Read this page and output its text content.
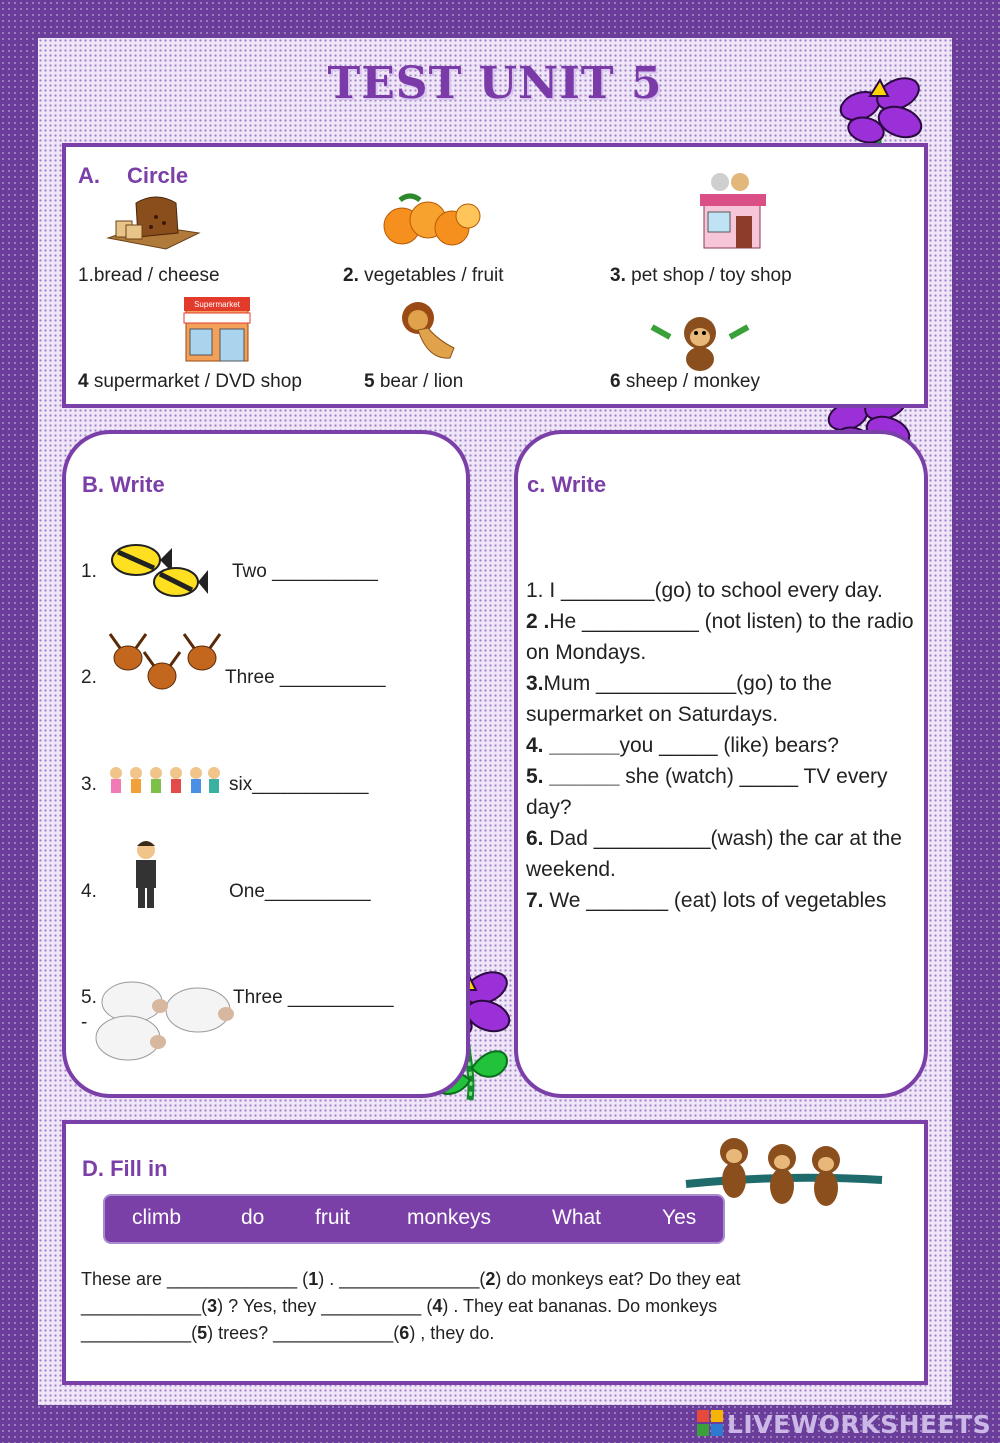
TEST UNIT 5
A. Circle
Supermarket
1.bread / cheese	2. vegetables / fruit	3. pet shop / toy shop
4 supermarket / DVD shop	5 bear / lion	6 sheep / monkey
B. Write
1.	Two __________
2.	Three __________
3.	six___________
4.	One__________
5.	Three __________
-
c. Write

1. I ________(go) to school every day.

2 .He __________ (not listen) to the radio on Mondays.

3.Mum ____________(go) to the supermarket on Saturdays.

4. ______you _____ (like) bears?

5. ______ she (watch) _____ TV every day?

6. Dad __________(wash) the car at the weekend.

7. We _______ (eat) lots of vegetables

D. Fill in
climb	do fruit	monkeys	What	Yes

These are _____________ (1) . ______________(2) do monkeys eat? Do they eat

____________(3) ? Yes, they __________ (4) . They eat bananas. Do monkeys

___________(5) trees? ____________(6) , they do.

LIVEWORKSHEETS
